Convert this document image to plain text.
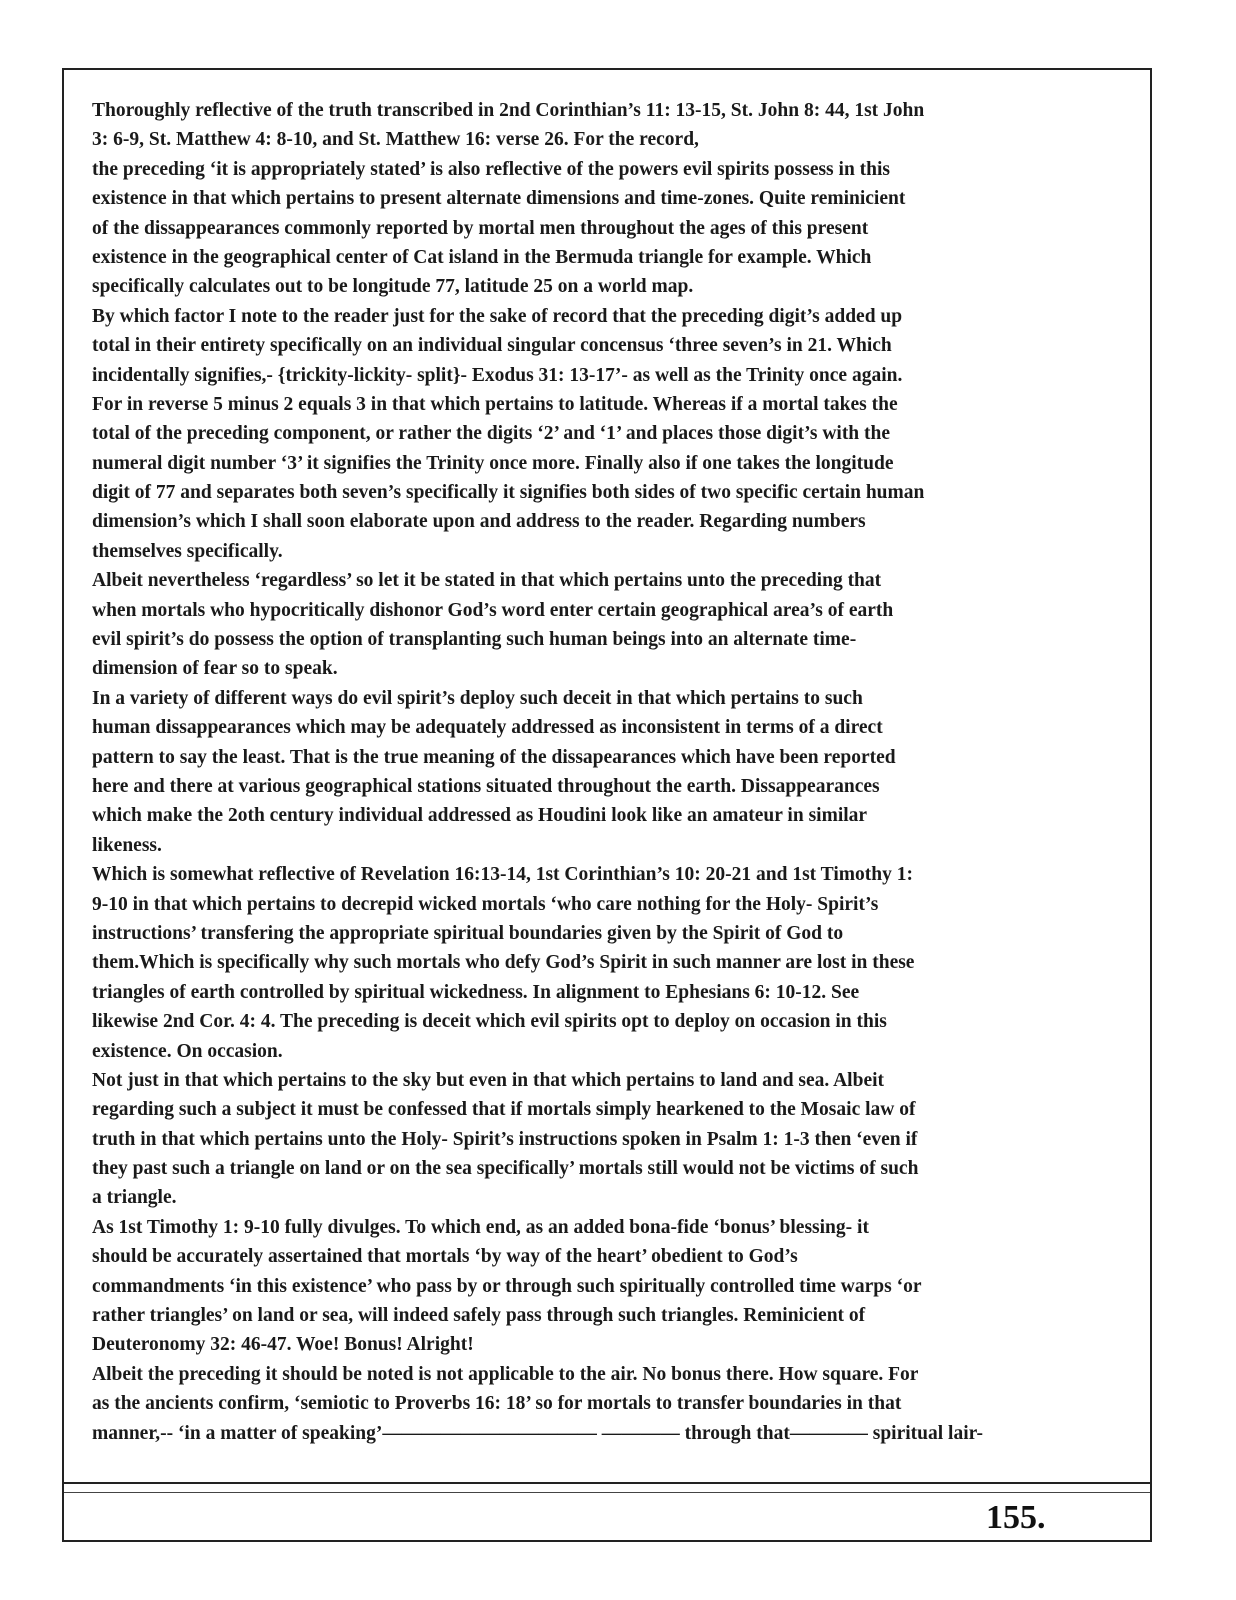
Thoroughly reflective of the truth transcribed in 2nd Corinthian’s 11: 13-15, St. John 8: 44, 1st John
3: 6-9, St. Matthew 4: 8-10, and St. Matthew 16: verse 26. For the record,
the preceding ‘it is appropriately stated’ is also reflective of the powers evil spirits possess in this
existence in that which pertains to present alternate dimensions and time-zones. Quite reminicient
of the dissappearances commonly reported by mortal men throughout the ages of this present
existence in the geographical center of Cat island in the Bermuda triangle for example. Which
specifically calculates out to be longitude 77, latitude 25 on a world map.
By which factor I note to the reader just for the sake of record that the preceding digit’s added up
total in their entirety specifically on an individual singular concensus ‘three seven’s in 21. Which
incidentally signifies,- {trickity-lickity- split}- Exodus 31: 13-17’- as well as the Trinity once again.
For in reverse 5 minus 2 equals 3 in that which pertains to latitude. Whereas if a mortal takes the
total of the preceding component, or rather the digits ‘2’ and ‘1’ and places those digit’s with the
numeral digit number ‘3’ it signifies the Trinity once more. Finally also if one takes the longitude
digit of 77 and separates both seven’s specifically it signifies both sides of two specific certain human
dimension’s which I shall soon elaborate upon and address to the reader. Regarding numbers
themselves specifically.
Albeit nevertheless ‘regardless’ so let it be stated in that which pertains unto the preceding that
when mortals who hypocritically dishonor God’s word enter certain geographical area’s of earth
evil spirit’s do possess the option of transplanting such human beings into an alternate time-
dimension of fear so to speak.
In a variety of different ways do evil spirit’s deploy such deceit in that which pertains to such
human dissappearances which may be adequately addressed as inconsistent in terms of a direct
pattern to say the least. That is the true meaning of the dissapearances which have been reported
here and there at various geographical stations situated throughout the earth. Dissappearances
which make the 2oth century individual addressed as Houdini look like an amateur in similar
likeness.
Which is somewhat reflective of Revelation 16:13-14, 1st Corinthian’s 10: 20-21 and 1st Timothy 1:
9-10 in that which pertains to decrepid wicked mortals ‘who care nothing for the Holy- Spirit’s
instructions’ transfering the appropriate spiritual boundaries given by the Spirit of God to
them.Which is specifically why such mortals who defy God’s Spirit in such manner are lost in these
triangles of earth controlled by spiritual wickedness. In alignment to Ephesians 6: 10-12. See
likewise 2nd Cor. 4: 4. The preceding is deceit which evil spirits opt to deploy on occasion in this
existence. On occasion.
Not just in that which pertains to the sky but even in that which pertains to land and sea. Albeit
regarding such a subject it must be confessed that if mortals simply hearkened to the Mosaic law of
truth in that which pertains unto the Holy- Spirit’s instructions spoken in Psalm 1: 1-3 then ‘even if
they past such a triangle on land or on the sea specifically’ mortals still would not be victims of such
a triangle.
As 1st Timothy 1: 9-10 fully divulges. To which end, as an added bona-fide ‘bonus’ blessing- it
should be accurately assertained that mortals ‘by way of the heart’ obedient to God’s
commandments ‘in this existence’ who pass by or through such spiritually controlled time warps ‘or
rather triangles’ on land or sea, will indeed safely pass through such triangles. Reminicient of
Deuteronomy 32: 46-47. Woe! Bonus! Alright!
Albeit the preceding it should be noted is not applicable to the air. No bonus there. How square. For
as the ancients confirm, ‘semiotic to Proverbs 16: 18’ so for mortals to transfer boundaries in that
manner,-- ‘in a matter of speaking’——————————— ———— through that———— spiritual lair-
155.
